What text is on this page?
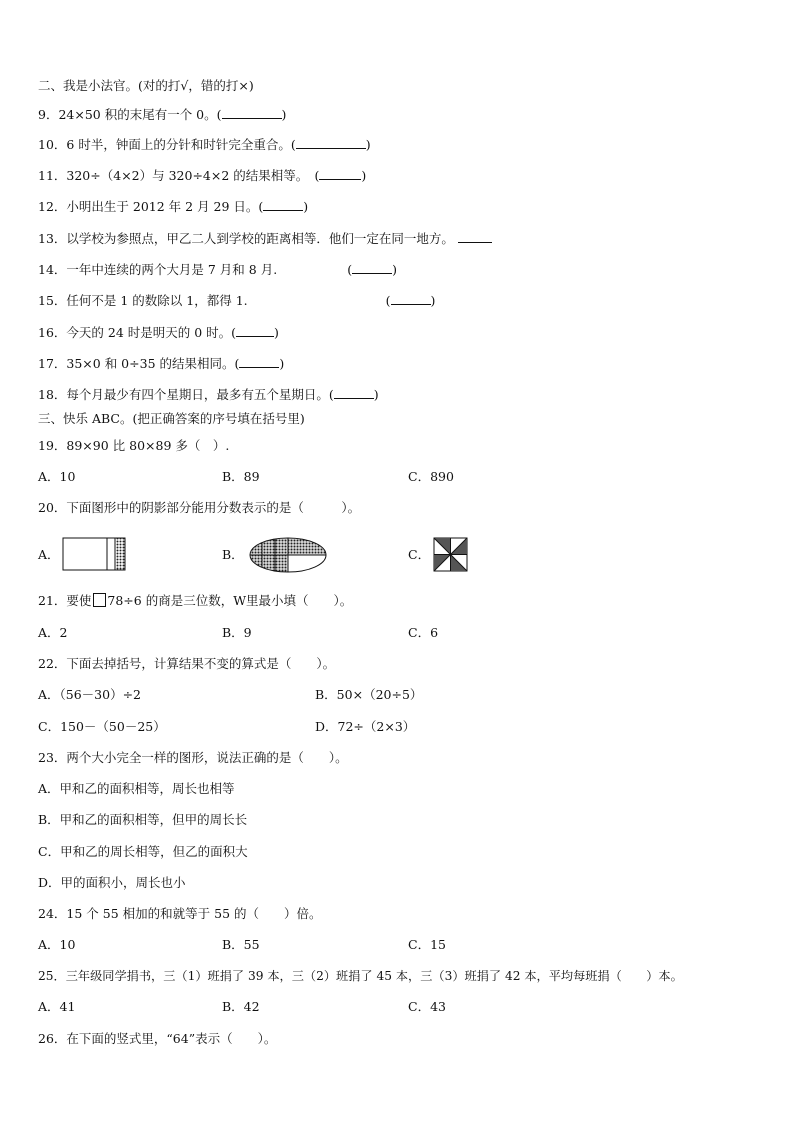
二、我是小法官。(对的打√，错的打×)
9．24×50 积的末尾有一个 0。(	)
10．6 时半，钟面上的分针和时针完全重合。(	)
11．320÷（4×2）与 320÷4×2 的结果相等。　(	)
12．小明出生于 2012 年 2 月 29 日。(	)
13．以学校为参照点，甲乙二人到学校的距离相等．他们一定在同一地方。
14．一年中连续的两个大月是 7 月和 8 月.	(	)
15．任何不是 1 的数除以 1，都得 1.	(	)
16．今天的 24 时是明天的 0 时。(	)
17．35×0 和 0÷35 的结果相同。(	)
18．每个月最少有四个星期日，最多有五个星期日。(	)
三、快乐 ABC。(把正确答案的序号填在括号里)
19．89×90 比 80×89 多（　）.
A．10	B．89	C．890
20．下面图形中的阴影部分能用分数表示的是（　　　）。
A．	B．	C．
21．要使 78÷6 的商是三位数，W里最小填（　　）。
A．2	B．9	C．6
22．下面去掉括号，计算结果不变的算式是（　　）。
A．（56－30）÷2	B．50×（20÷5）
C．150－（50－25）	D．72÷（2×3）
23．两个大小完全一样的图形，说法正确的是（　　）。
A．甲和乙的面积相等，周长也相等
B．甲和乙的面积相等，但甲的周长长
C．甲和乙的周长相等，但乙的面积大
D．甲的面积小，周长也小
24．15 个 55 相加的和就等于 55 的（　　）倍。
A．10	B．55	C．15
25．三年级同学捐书，三（1）班捐了 39 本，三（2）班捐了 45 本，三（3）班捐了 42 本，平均每班捐（　　）本。
A．41	B．42	C．43
26．在下面的竖式里，“64”表示（　　）。
